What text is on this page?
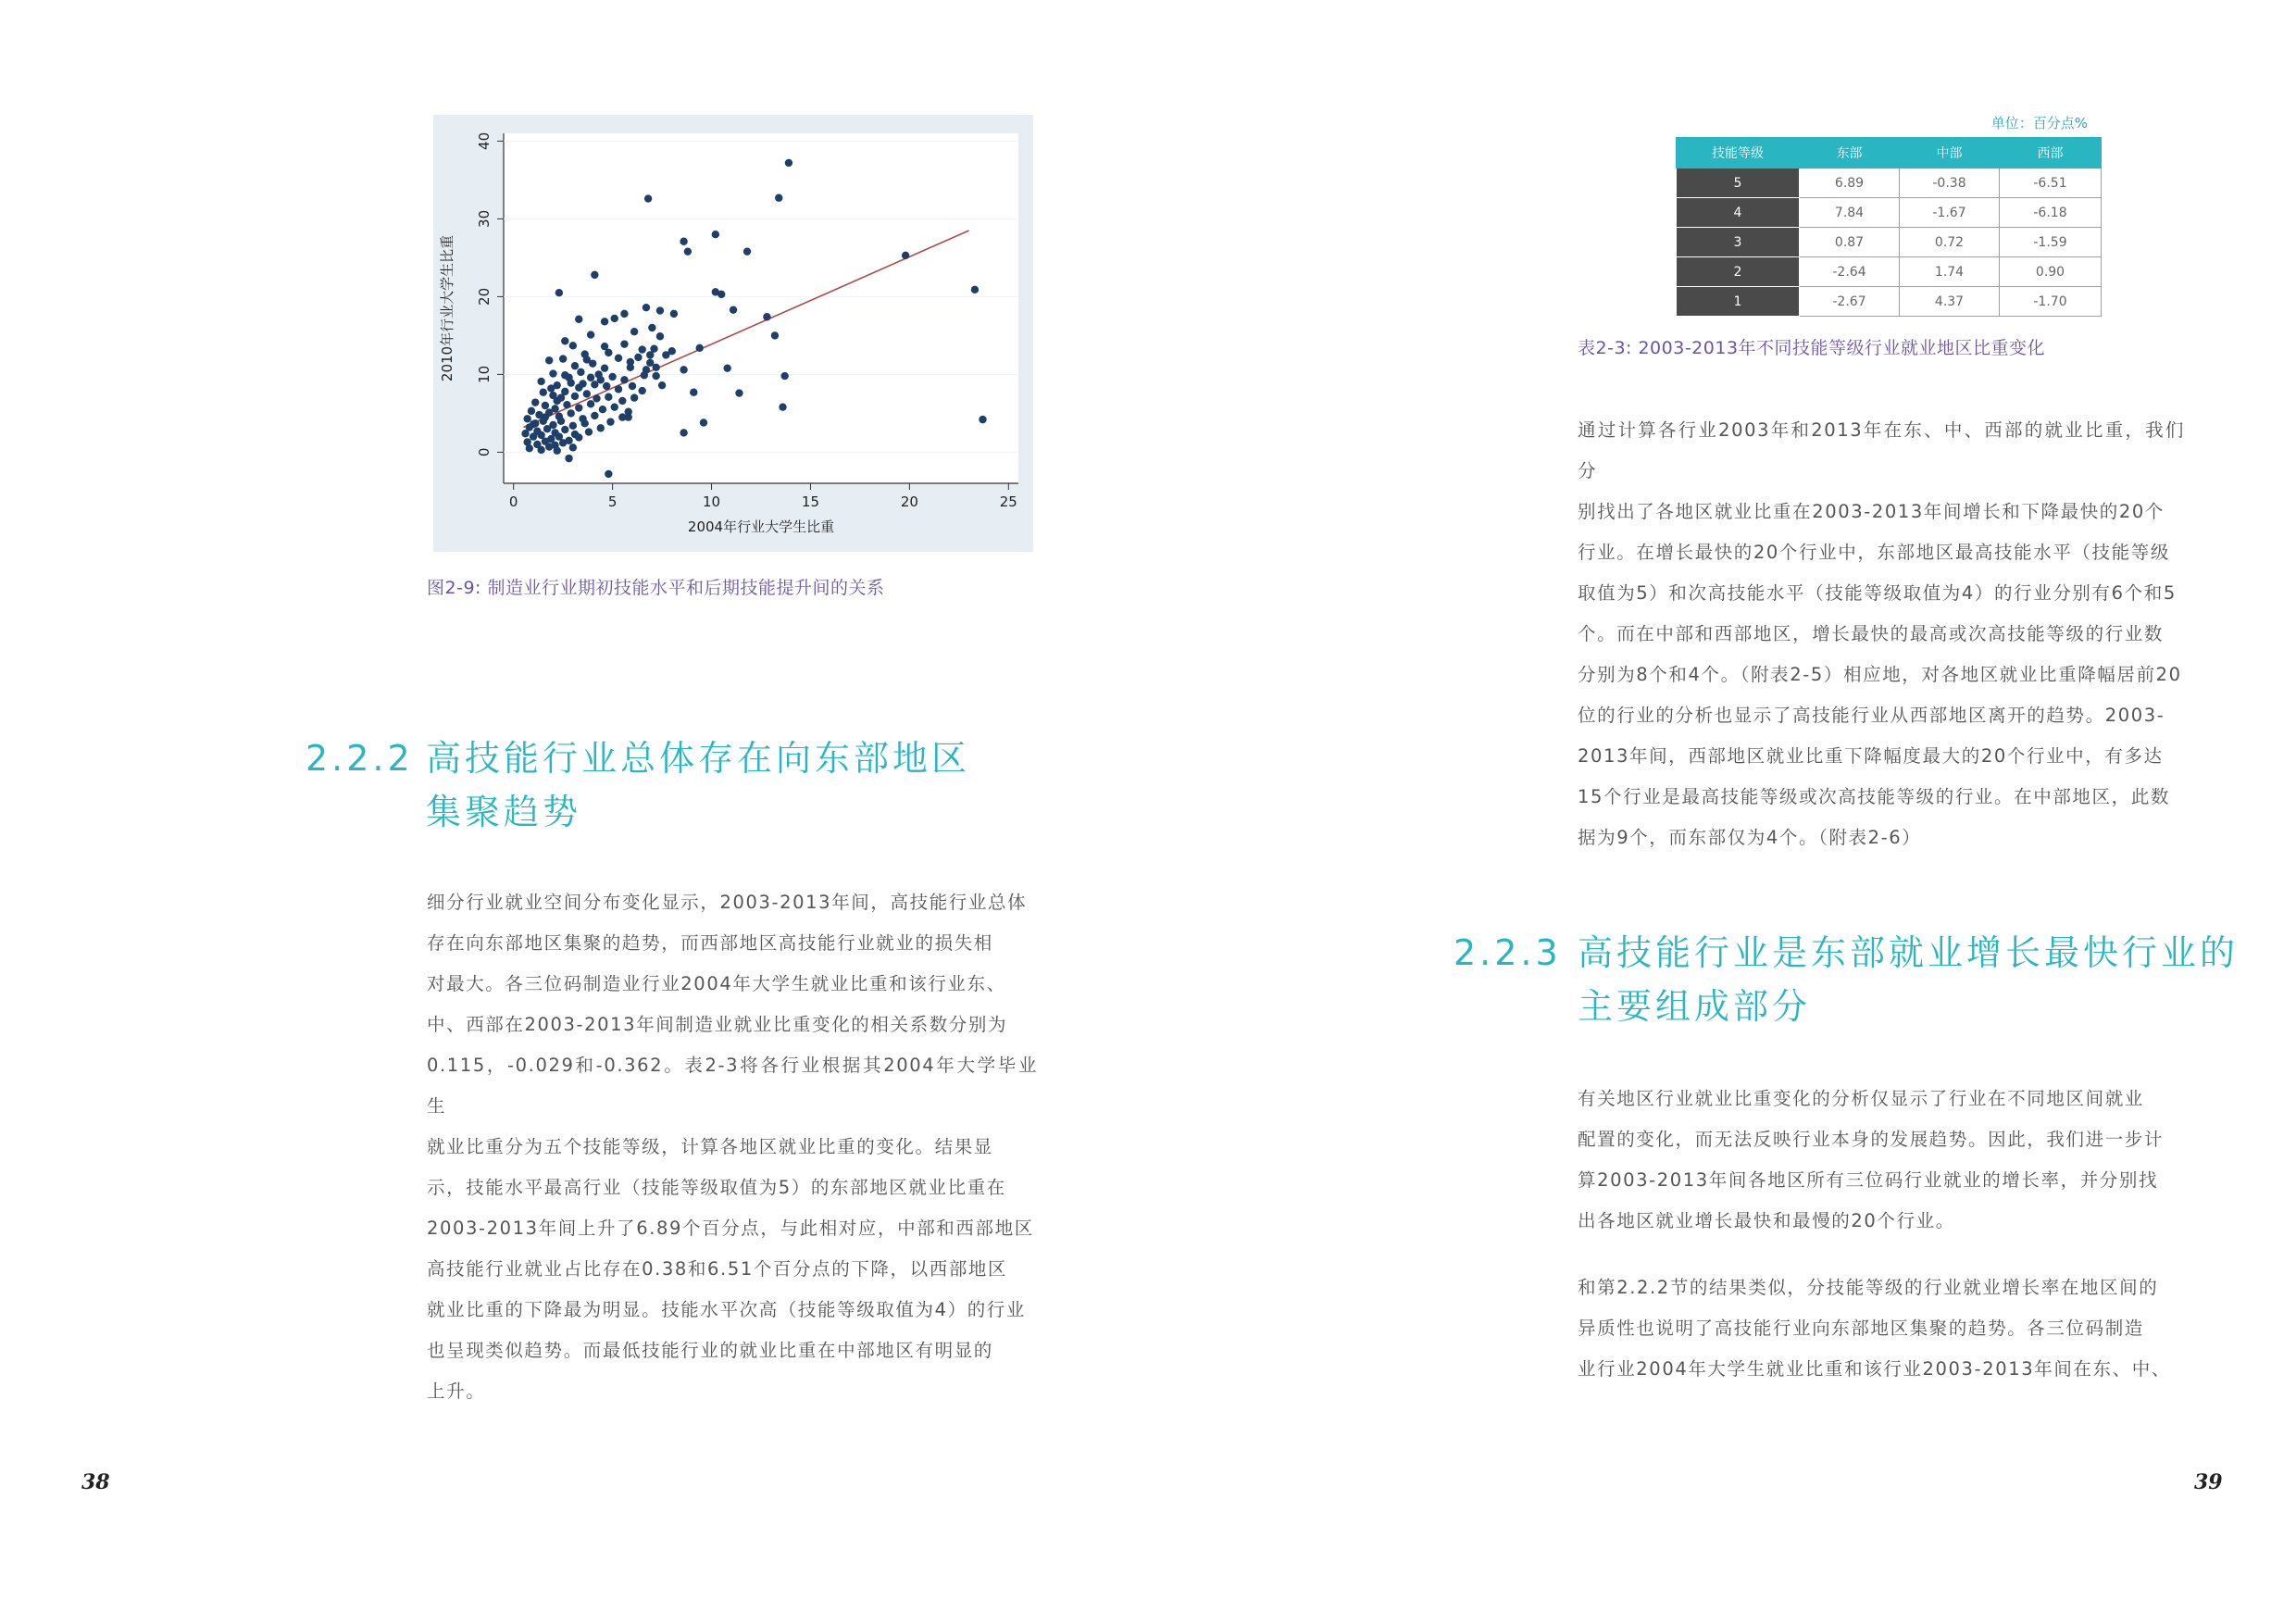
0	5	10	15	20	25
0
10
20
30
40
2004年行业大学生比重
2010年行业大学生比重
图2-9: 制造业行业期初技能水平和后期技能提升间的关系
2.2.2 高技能行业总体存在向东部地区
集聚趋势

细分行业就业空间分布变化显示，2003-2013年间，高技能行业总体

存在向东部地区集聚的趋势，而西部地区高技能行业就业的损失相

对最大。各三位码制造业行业2004年大学生就业比重和该行业东、

中、西部在2003-2013年间制造业就业比重变化的相关系数分别为

0.115，-0.029和-0.362。表2-3将各行业根据其2004年大学毕业生

就业比重分为五个技能等级，计算各地区就业比重的变化。结果显

示，技能水平最高行业（技能等级取值为5）的东部地区就业比重在

2003-2013年间上升了6.89个百分点，与此相对应，中部和西部地区

高技能行业就业占比存在0.38和6.51个百分点的下降，以西部地区

就业比重的下降最为明显。技能水平次高（技能等级取值为4）的行业

也呈现类似趋势。而最低技能行业的就业比重在中部地区有明显的

上升。

38
单位：百分点%
技能等级	东部	中部	西部
5	6.89	-0.38	-6.51
4	7.84	-1.67	-6.18
3	0.87	0.72	-1.59
2	-2.64	1.74	0.90
1	-2.67	4.37	-1.70
表2-3: 2003-2013年不同技能等级行业就业地区比重变化

通过计算各行业2003年和2013年在东、中、西部的就业比重，我们分

别找出了各地区就业比重在2003-2013年间增长和下降最快的20个

行业。在增长最快的20个行业中，东部地区最高技能水平（技能等级

取值为5）和次高技能水平（技能等级取值为4）的行业分别有6个和5

个。而在中部和西部地区，增长最快的最高或次高技能等级的行业数

分别为8个和4个。（附表2-5）相应地，对各地区就业比重降幅居前20

位的行业的分析也显示了高技能行业从西部地区离开的趋势。2003-

2013年间，西部地区就业比重下降幅度最大的20个行业中，有多达

15个行业是最高技能等级或次高技能等级的行业。在中部地区，此数

据为9个，而东部仅为4个。（附表2-6）

2.2.3 高技能行业是东部就业增长最快行业的
主要组成部分

有关地区行业就业比重变化的分析仅显示了行业在不同地区间就业

配置的变化，而无法反映行业本身的发展趋势。因此，我们进一步计

算2003-2013年间各地区所有三位码行业就业的增长率，并分别找

出各地区就业增长最快和最慢的20个行业。

和第2.2.2节的结果类似，分技能等级的行业就业增长率在地区间的

异质性也说明了高技能行业向东部地区集聚的趋势。各三位码制造

业行业2004年大学生就业比重和该行业2003-2013年间在东、中、

39
